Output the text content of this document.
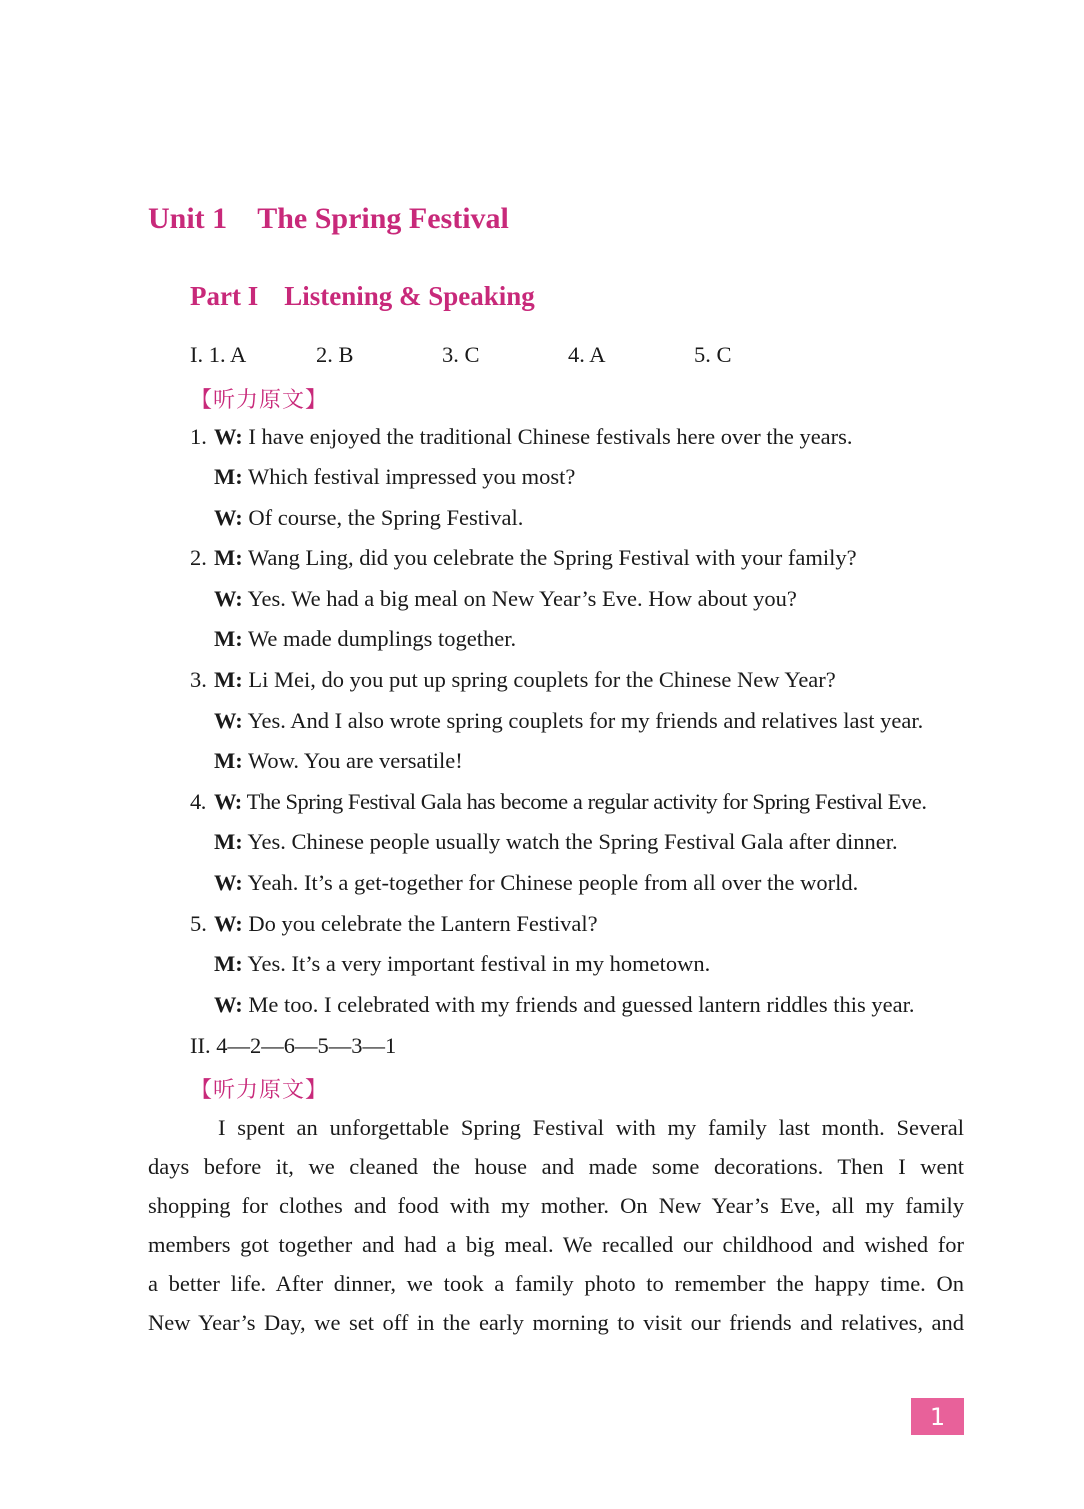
Unit 1 The Spring Festival
Part I Listening & Speaking
I. 1. A	2. B	3. C	4. A	5. C
【听力原文】
1. W: I have enjoyed the traditional Chinese festivals here over the years.
M: Which festival impressed you most?
W: Of course, the Spring Festival.
2. M: Wang Ling, did you celebrate the Spring Festival with your family?
W: Yes. We had a big meal on New Year’s Eve. How about you?
M: We made dumplings together.
3. M: Li Mei, do you put up spring couplets for the Chinese New Year?
W: Yes. And I also wrote spring couplets for my friends and relatives last year.
M: Wow. You are versatile!
4. W: The Spring Festival Gala has become a regular activity for Spring Festival Eve.
M: Yes. Chinese people usually watch the Spring Festival Gala after dinner.
W: Yeah. It’s a get-together for Chinese people from all over the world.
5. W: Do you celebrate the Lantern Festival?
M: Yes. It’s a very important festival in my hometown.
W: Me too. I celebrated with my friends and guessed lantern riddles this year.
II. 4—2—6—5—3—1
【听力原文】
I spent an unforgettable Spring Festival with my family last month. Several
days before it, we cleaned the house and made some decorations. Then I went
shopping for clothes and food with my mother. On New Year’s Eve, all my family
members got together and had a big meal. We recalled our childhood and wished for
a better life. After dinner, we took a family photo to remember the happy time. On
New Year’s Day, we set off in the early morning to visit our friends and relatives, and
1
